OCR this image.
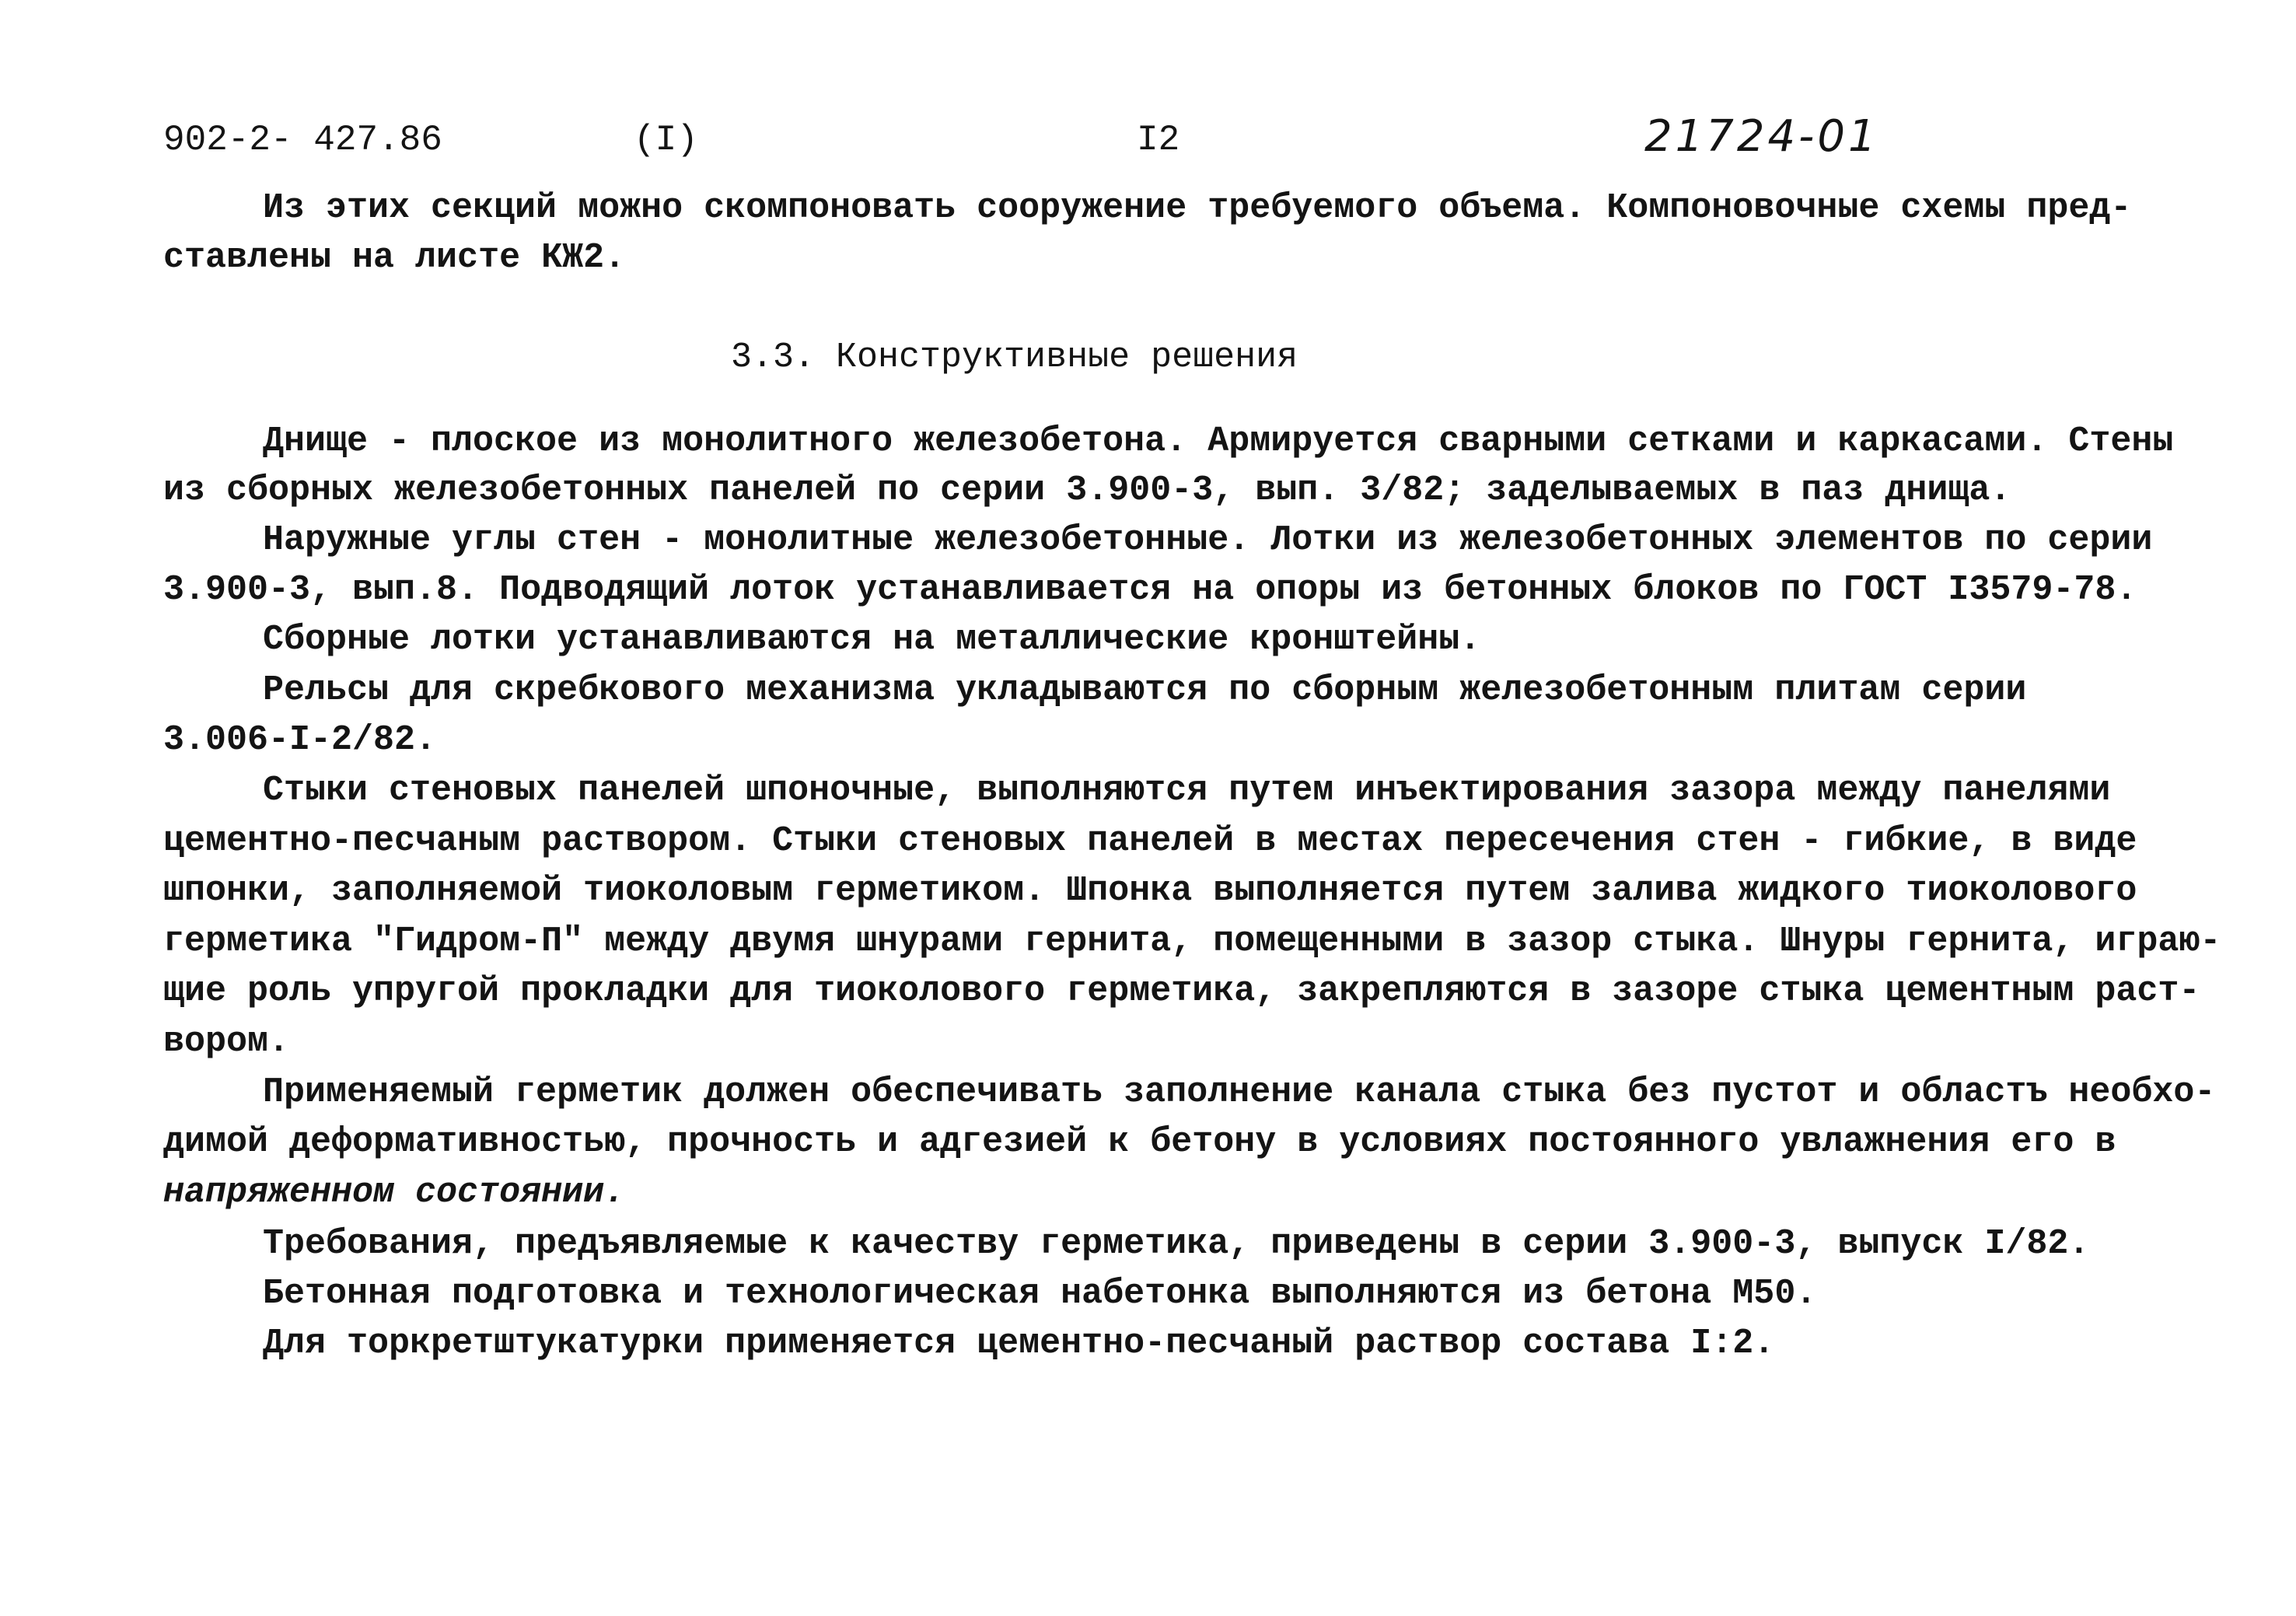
902-2- 427.86	(I)	I2	21724-01
Из этих секций можно скомпоновать сооружение требуемого объема. Компоновочные схемы пред-
ставлены на листе КЖ2.
3.3. Конструктивные решения
Днище - плоское из монолитного железобетона. Армируется сварными сетками и каркасами. Стены
из сборных железобетонных панелей по серии 3.900-3, вып. 3/82; заделываемых в паз днища.
Наружные углы стен - монолитные железобетонные. Лотки из железобетонных элементов по серии
3.900-3, вып.8. Подводящий лоток устанавливается на опоры из бетонных блоков по ГОСТ I3579-78.
Сборные лотки устанавливаются на металлические кронштейны.
Рельсы для скребкового механизма укладываются по сборным железобетонным плитам серии
3.006-I-2/82.
Стыки стеновых панелей шпоночные, выполняются путем инъектирования зазора между панелями
цементно-песчаным раствором. Стыки стеновых панелей в местах пересечения стен - гибкие, в виде
шпонки, заполняемой тиоколовым герметиком. Шпонка выполняется путем залива жидкого тиоколового
герметика "Гидром-П" между двумя шнурами гернита, помещенными в зазор стыка. Шнуры гернита, играю-
щие роль упругой прокладки для тиоколового герметика, закрепляются в зазоре стыка цементным раст-
вором.
Применяемый герметик должен обеспечивать заполнение канала стыка без пустот и областъ необхо-
димой деформативностью, прочность и адгезией к бетону в условиях постоянного увлажнения его в
напряженном состоянии.
Требования, предъявляемые к качеству герметика, приведены в серии 3.900-3, выпуск I/82.
Бетонная подготовка и технологическая набетонка выполняются из бетона М50.
Для торкретштукатурки применяется цементно-песчаный раствор состава I:2.
